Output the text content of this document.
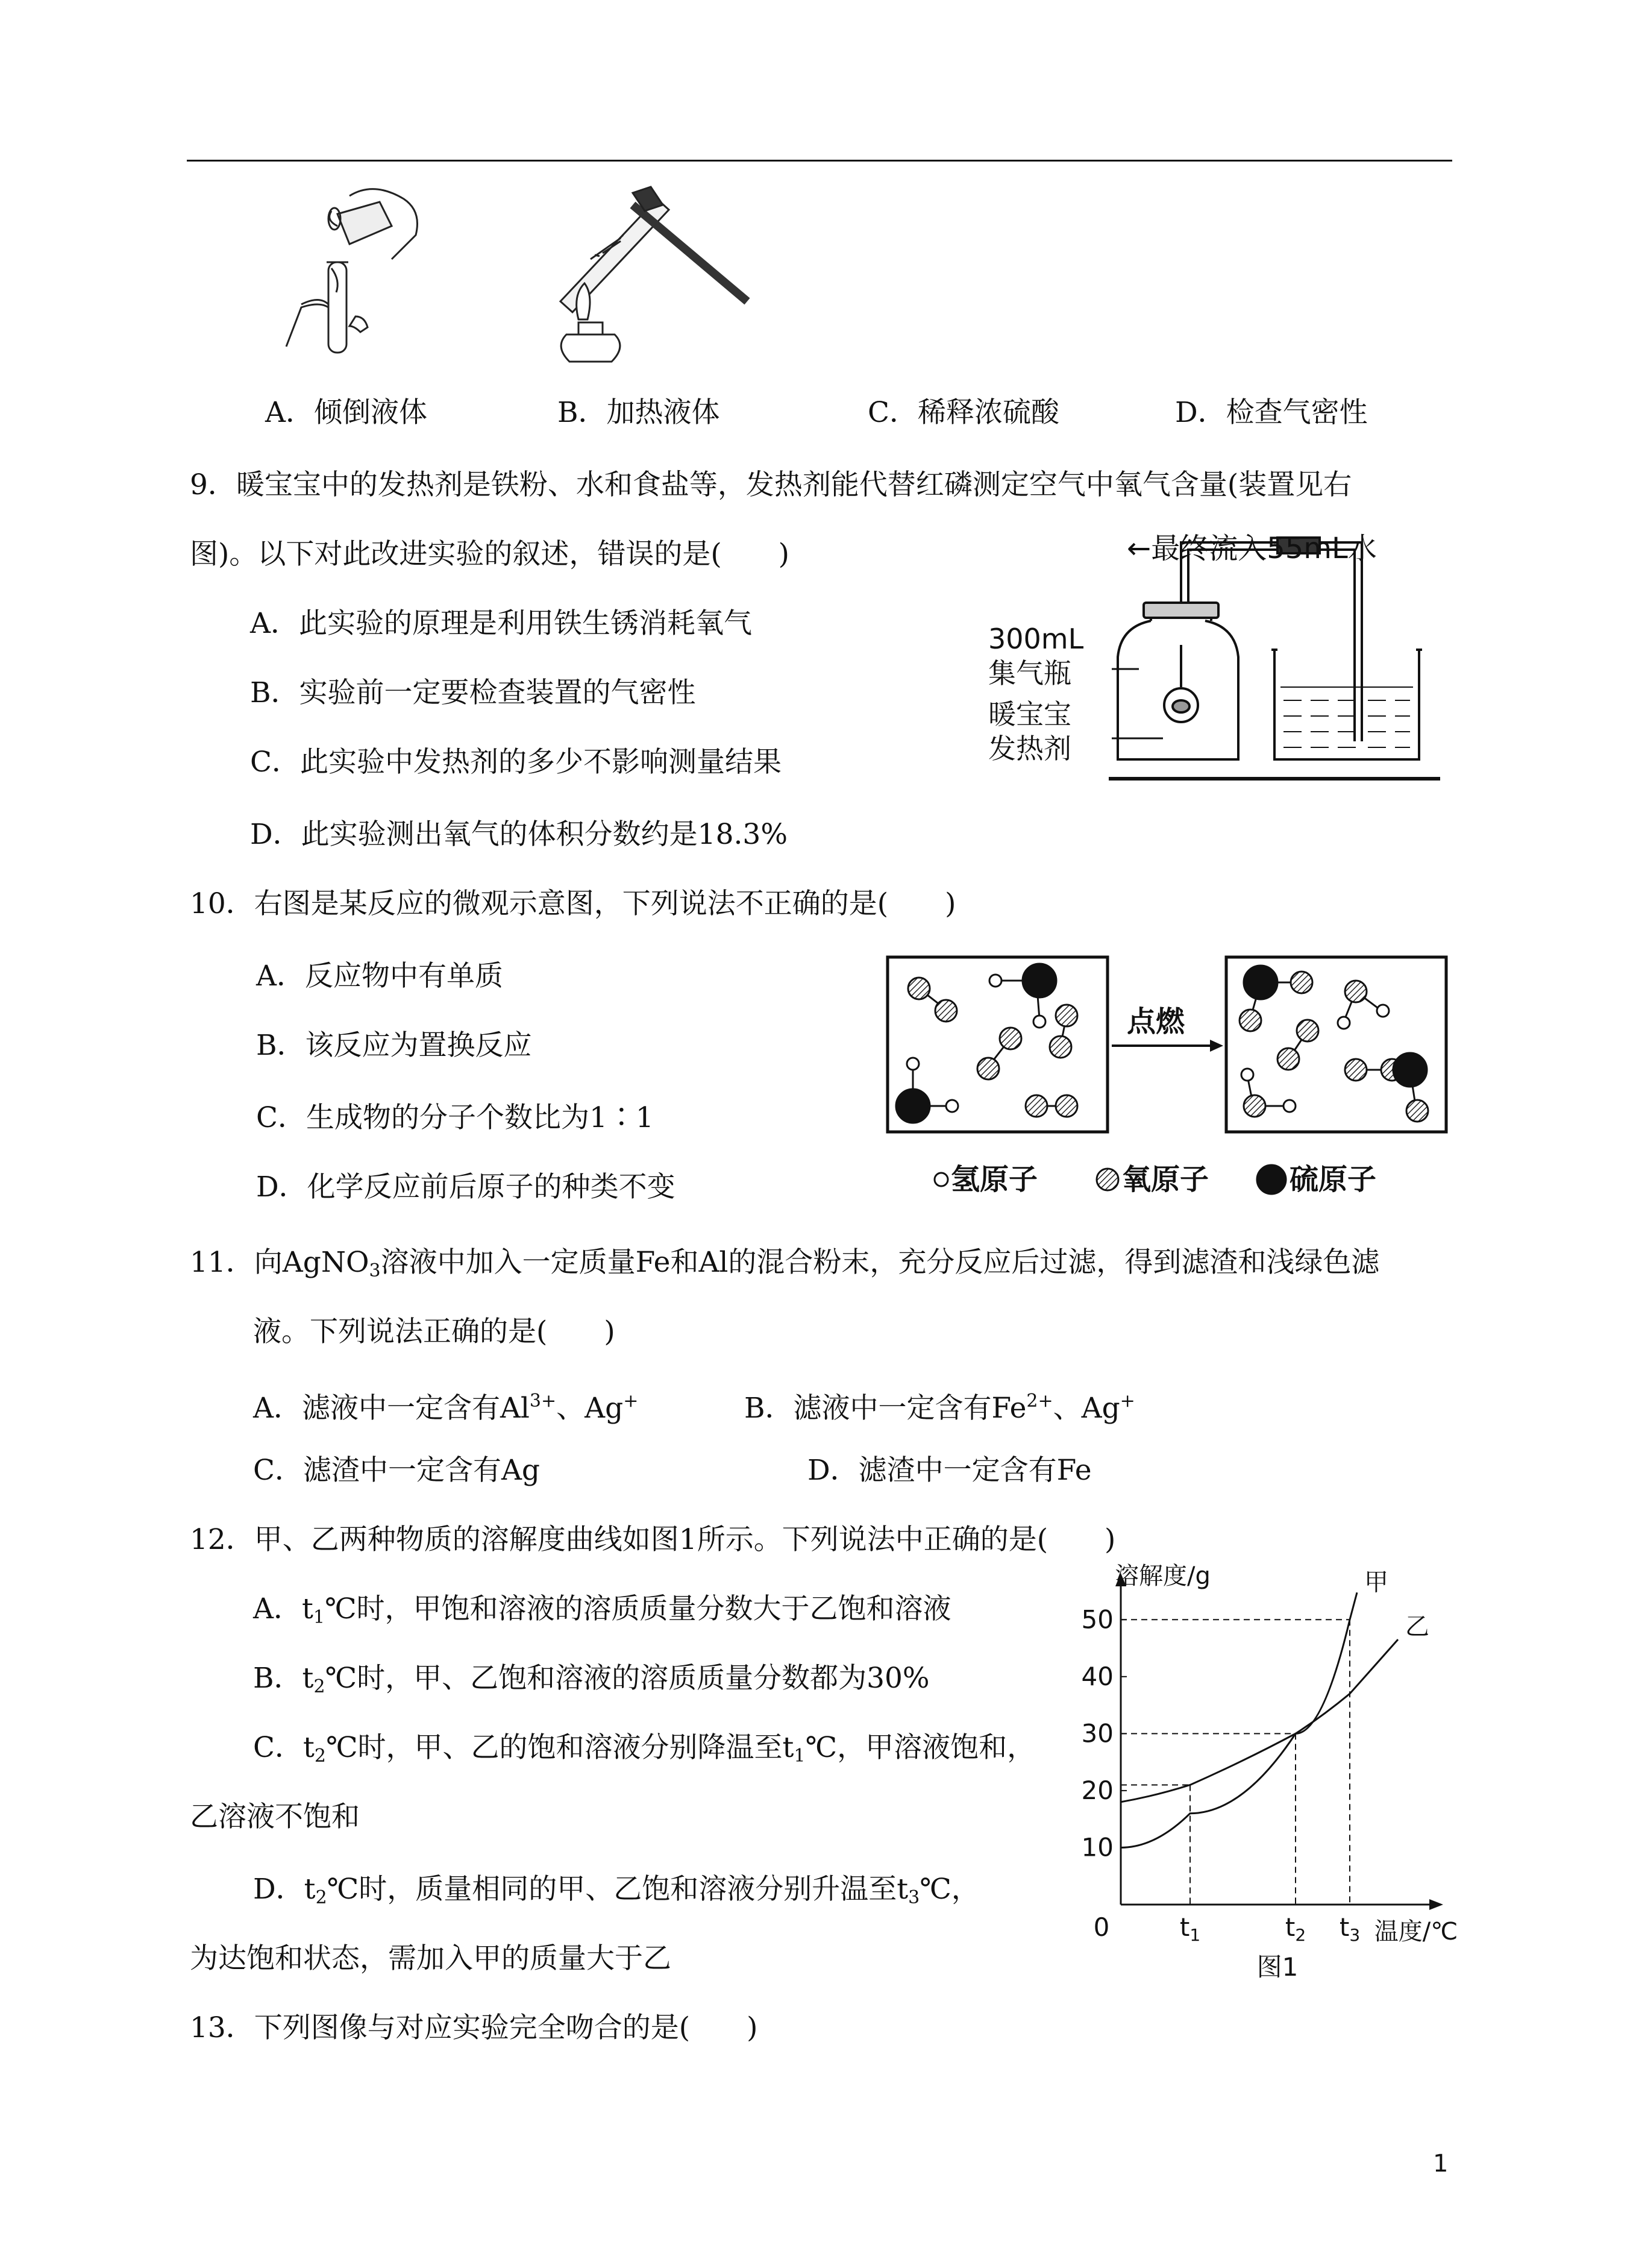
A．倾倒液体	B．加热液体	C．稀释浓硫酸	D．检查气密性
9．暖宝宝中的发热剂是铁粉、水和食盐等，发热剂能代替红磷测定空气中氧气含量(装置见右
图)。以下对此改进实验的叙述，错误的是(　　)
A．此实验的原理是利用铁生锈消耗氧气
B．实验前一定要检查装置的气密性
C．此实验中发热剂的多少不影响测量结果
D．此实验测出氧气的体积分数约是18.3%
←最终流入55mL水
300mL
集气瓶
暖宝宝
发热剂
10．右图是某反应的微观示意图，下列说法不正确的是(　　)
A．反应物中有单质
B．该反应为置换反应
C．生成物的分子个数比为1∶1
D．化学反应前后原子的种类不变
点燃
氢原子	氧原子	硫原子
11．向AgNO$_3$溶液中加入一定质量Fe和Al的混合粉末，充分反应后过滤，得到滤渣和浅绿色滤
液。下列说法正确的是(　　)
A．滤液中一定含有$Al^{3+}$、Ag+	B．滤液中一定含有$Fe^{2+}$、Ag+
C．滤渣中一定含有Ag	D．滤渣中一定含有Fe
12．甲、乙两种物质的溶解度曲线如图1所示。下列说法中正确的是(　　)
A．$t_1℃$时，甲饱和溶液的溶质质量分数大于乙饱和溶液
B．$t_2℃$时，甲、乙饱和溶液的溶质质量分数都为30%
C．$t_2℃$时，甲、乙的饱和溶液分别降温至$t_1℃$，甲溶液饱和，
乙溶液不饱和
D．$t_2℃$时，质量相同的甲、乙饱和溶液分别升温至$t_3℃$，
为达饱和状态，需加入甲的质量大于乙
10
20
30
40
50
0	t1	t2 t3
甲
乙
溶解度/g
温度/℃
图1
13．下列图像与对应实验完全吻合的是(　　)
1
